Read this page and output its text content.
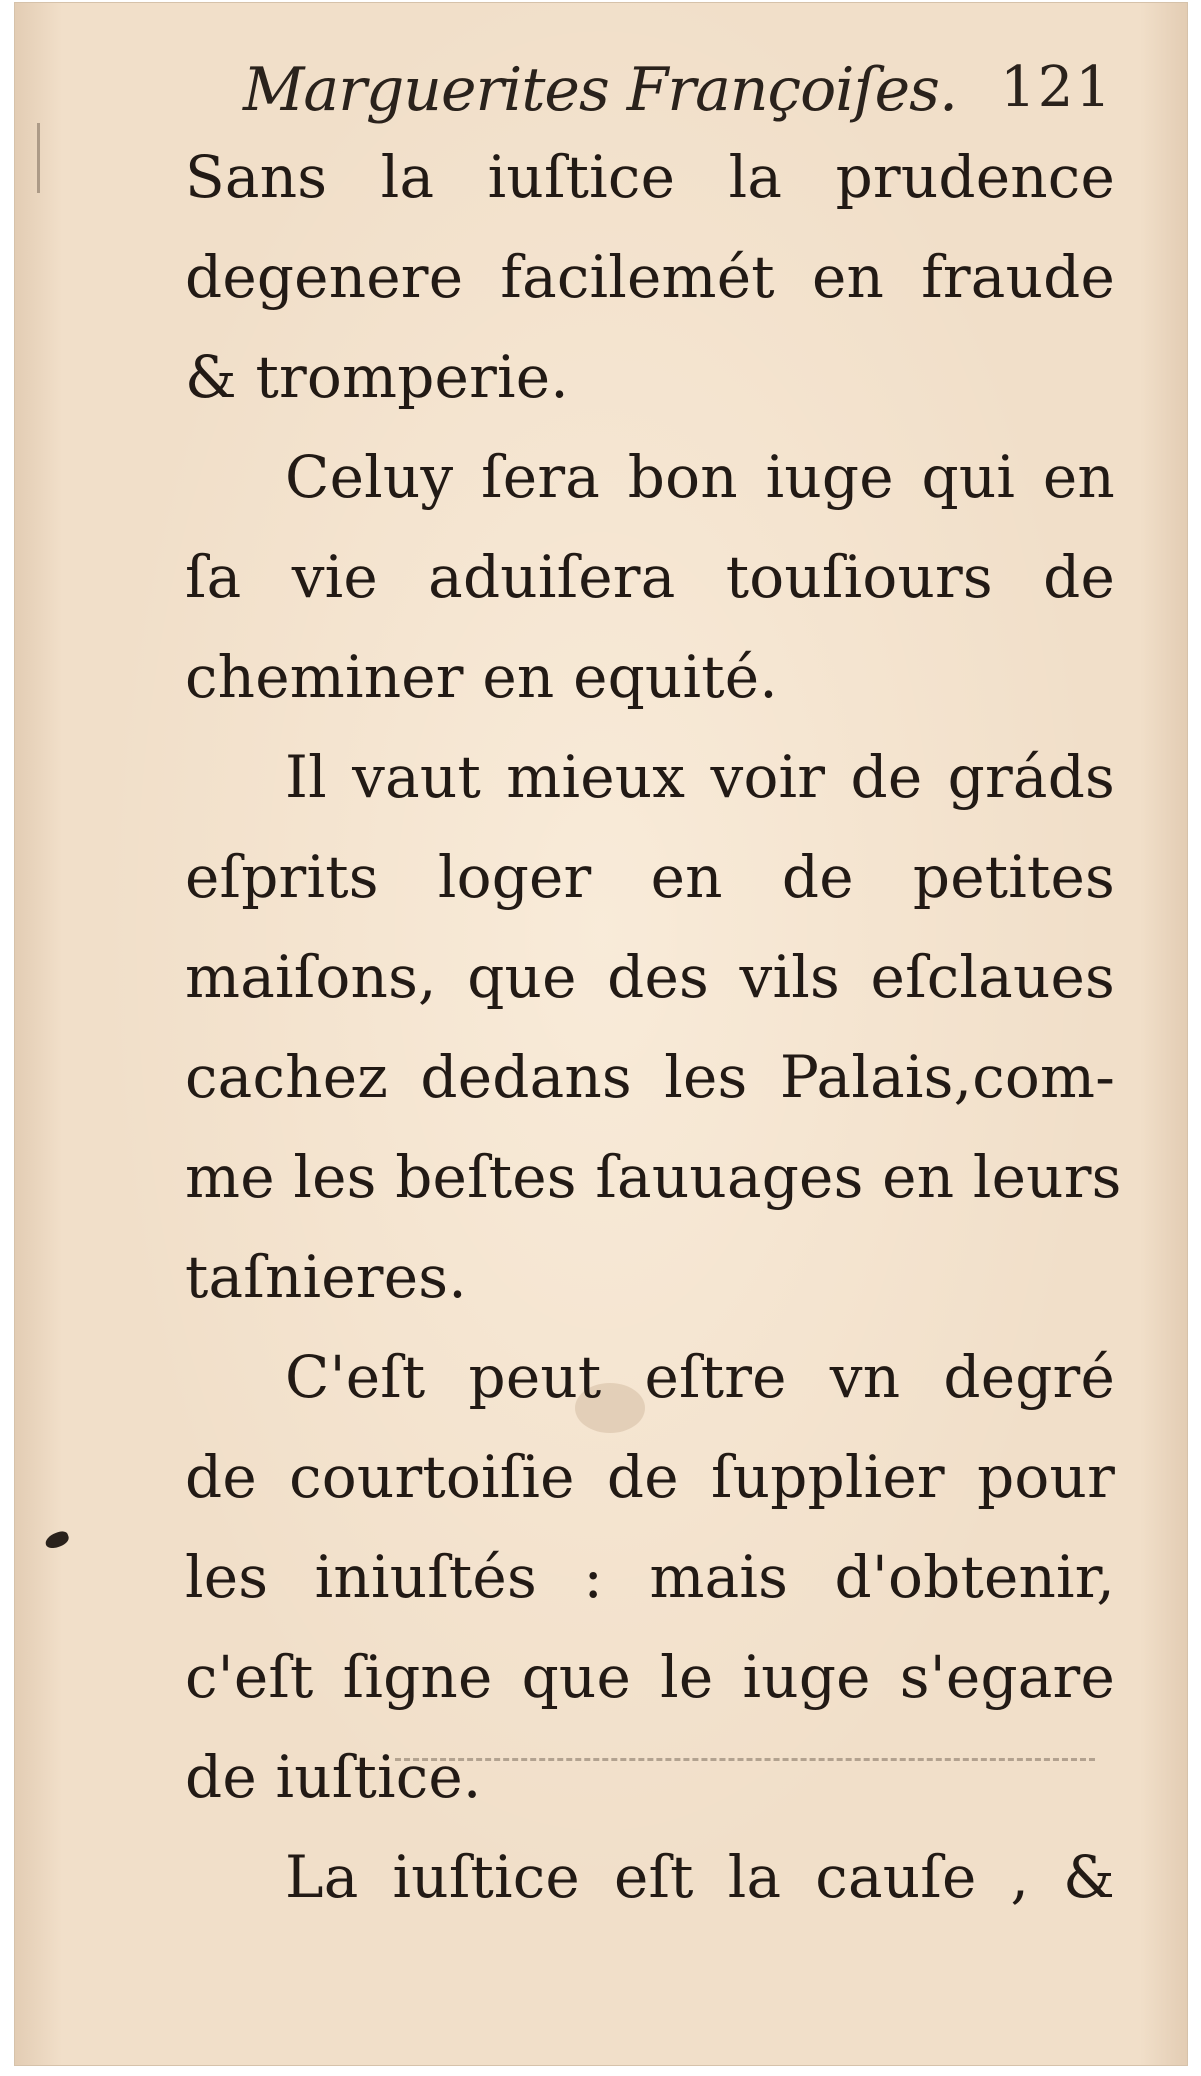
Marguerites Françoiſes. 121
Sans la iuſtice la prudence
degenere facilemét en fraude
& tromperie.
Celuy ſera bon iuge qui en
ſa vie aduiſera touſiours de
cheminer en equité.
Il vaut mieux voir de gráds
eſprits loger en de petites
maiſons, que des vils eſclaues
cachez dedans les Palais,com-
me les beſtes ſauuages en leurs
taſnieres.
C'eſt peut eſtre vn degré
de courtoiſie de ſupplier pour
les iniuſtés : mais d'obtenir,
c'eſt ſigne que le iuge s'egare
de iuſtice.
La iuſtice eſt la cauſe , &
